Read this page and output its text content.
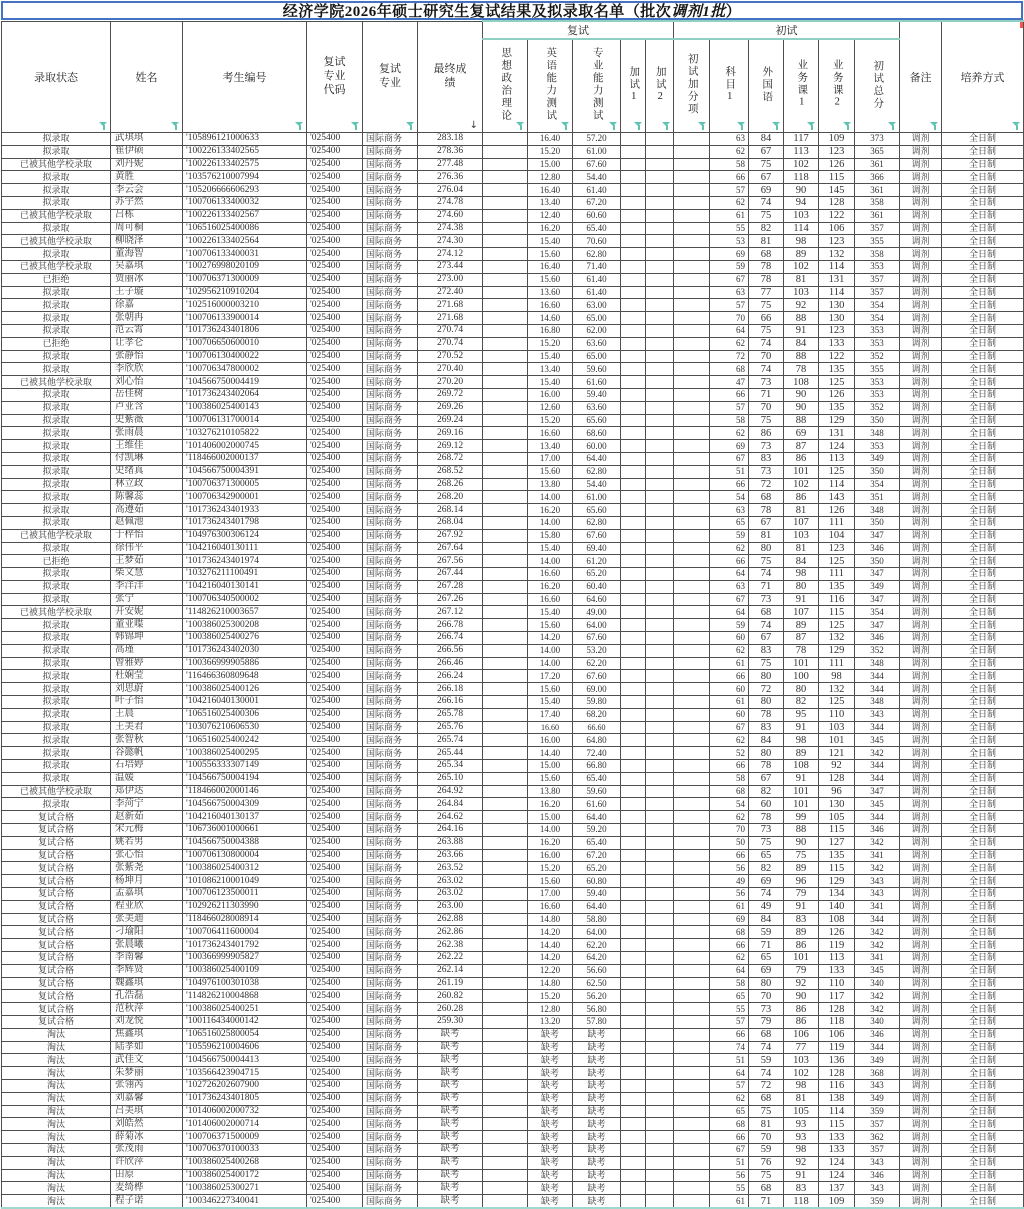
经济学院2026年硕士研究生复试结果及拟录取名单 （批次 调剂1批 ）
录取状态	姓名	考生编号	复试专业代码	复试专业	最终成绩
↓	复试					初试						备注	培养方式

						思想政治理论	英语能力测试	专业能力测试	加试1	加试2	初试加分项	科目1	外国语	业务课1	业务课2	初试总分		

拟录取	武琪琪	'105896121000633	'025400	国际商务	283.18		16.40	57.20				63	84	117	109	373	调剂	全日制
拟录取	崔伊硕	'100226133402565	'025400	国际商务	278.36		15.20	61.00				62	67	113	123	365	调剂	全日制
已被其他学校录取	刘丹妮	'100226133402575	'025400	国际商务	277.48		15.00	67.60				58	75	102	126	361	调剂	全日制
拟录取	黄胜	'103576210007994	'025400	国际商务	276.36		12.80	54.40				66	67	118	115	366	调剂	全日制
拟录取	李云会	'105206666606293	'025400	国际商务	276.04		16.40	61.40				57	69	90	145	361	调剂	全日制
拟录取	苏宇然	'100706133400032	'025400	国际商务	274.78		13.40	67.20				62	74	94	128	358	调剂	全日制
已被其他学校录取	吕栋	'100226133402567	'025400	国际商务	274.60		12.40	60.60				61	75	103	122	361	调剂	全日制
拟录取	周可桐	'106516025400086	'025400	国际商务	274.38		16.20	65.40				55	82	114	106	357	调剂	全日制
已被其他学校录取	柳晓泽	'100226133402564	'025400	国际商务	274.30		15.40	70.60				53	81	98	123	355	调剂	全日制
拟录取	董海智	'100706133400031	'025400	国际商务	274.12		15.60	62.80				69	68	89	132	358	调剂	全日制
已被其他学校录取	吴嘉琪	'100276998020109	'025400	国际商务	273.44		16.40	71.40				59	78	102	114	353	调剂	全日制
已拒绝	贾丽冰	'100706371300009	'025400	国际商务	273.00		15.60	61.40				67	78	81	131	357	调剂	全日制
拟录取	王子璇	'102956210910204	'025400	国际商务	272.40		13.60	61.40				63	77	103	114	357	调剂	全日制
拟录取	徐嘉	'102516000003210	'025400	国际商务	271.68		16.60	63.00				57	75	92	130	354	调剂	全日制
拟录取	张朝冉	'100706133900014	'025400	国际商务	271.68		14.60	65.00				70	66	88	130	354	调剂	全日制
拟录取	范云霄	'101736243401806	'025400	国际商务	270.74		16.80	62.00				64	75	91	123	353	调剂	全日制
已拒绝	让孝仑	'100706650600010	'025400	国际商务	270.74		15.20	63.60				62	74	84	133	353	调剂	全日制
拟录取	张静怡	'100706130400022	'025400	国际商务	270.52		15.40	65.00				72	70	88	122	352	调剂	全日制
拟录取	李欣欣	'100706347800002	'025400	国际商务	270.40		13.40	59.60				68	74	78	135	355	调剂	全日制
已被其他学校录取	刘心怡	'104566750004419	'025400	国际商务	270.20		15.40	61.60				47	73	108	125	353	调剂	全日制
拟录取	岳佳树	'101736243402064	'025400	国际商务	269.72		16.00	59.40				66	71	90	126	353	调剂	全日制
拟录取	卢亚含	'100386025400143	'025400	国际商务	269.26		12.60	63.60				57	70	90	135	352	调剂	全日制
拟录取	史紫薇	'100706131700014	'025400	国际商务	269.24		15.20	65.60				58	75	88	129	350	调剂	全日制
拟录取	张雨晨	'103276210105822	'025400	国际商务	269.16		16.60	68.60				62	86	69	131	348	调剂	全日制
拟录取	王维佳	'101406002000745	'025400	国际商务	269.12		13.40	60.00				69	73	87	124	353	调剂	全日制
拟录取	付凯琳	'118466002000137	'025400	国际商务	268.72		17.00	64.40				67	83	86	113	349	调剂	全日制
拟录取	史绪真	'104566750004391	'025400	国际商务	268.52		15.60	62.80				51	73	101	125	350	调剂	全日制
拟录取	林立政	'100706371300005	'025400	国际商务	268.26		13.80	54.40				66	72	102	114	354	调剂	全日制
拟录取	陈馨蕊	'100706342900001	'025400	国际商务	268.20		14.00	61.00				54	68	86	143	351	调剂	全日制
拟录取	高遵茹	'101736243401933	'025400	国际商务	268.14		16.20	65.60				63	78	81	126	348	调剂	全日制
拟录取	赵佩池	'101736243401798	'025400	国际商务	268.04		14.00	62.80				65	67	107	111	350	调剂	全日制
已被其他学校录取	于梓怡	'104976300306124	'025400	国际商务	267.92		15.80	67.60				59	81	103	104	347	调剂	全日制
拟录取	徐伟平	'104216040130111	'025400	国际商务	267.64		15.40	69.40				62	80	81	123	346	调剂	全日制
已拒绝	王梦茹	'101736243401974	'025400	国际商务	267.56		14.00	61.20				66	75	84	125	350	调剂	全日制
拟录取	柴文慧	'103276211100491	'025400	国际商务	267.44		16.60	65.20				64	74	98	111	347	调剂	全日制
拟录取	李洋洋	'104216040130141	'025400	国际商务	267.28		16.20	60.40				63	71	80	135	349	调剂	全日制
拟录取	张宁	'100706340500002	'025400	国际商务	267.26		16.60	64.60				67	73	91	116	347	调剂	全日制
已被其他学校录取	开安妮	'114826210003657	'025400	国际商务	267.12		15.40	49.00				64	68	107	115	354	调剂	全日制
拟录取	董亚喋	'100386025300208	'025400	国际商务	266.78		15.60	64.00				59	74	89	125	347	调剂	全日制
拟录取	韩锦坤	'100386025400276	'025400	国际商务	266.74		14.20	67.60				60	67	87	132	346	调剂	全日制
拟录取	高瑾	'101736243402030	'025400	国际商务	266.56		14.00	53.20				62	83	78	129	352	调剂	全日制
拟录取	曾雅婷	'100366999905886	'025400	国际商务	266.46		14.00	62.20				61	75	101	111	348	调剂	全日制
拟录取	杜娴莹	'116466360809648	'025400	国际商务	266.24		17.20	67.60				66	80	100	98	344	调剂	全日制
拟录取	刘思蔚	'100386025400126	'025400	国际商务	266.18		15.60	69.00				60	72	80	132	344	调剂	全日制
拟录取	叶子怡	'104216040130001	'025400	国际商务	266.16		15.40	59.80				61	80	82	125	348	调剂	全日制
拟录取	王晨	'106516025400306	'025400	国际商务	265.78		17.40	68.20				60	78	95	110	343	调剂	全日制
拟录取	王美君	'103076210606530	'025400	国际商务	265.76		16.60	66.60				67	83	91	103	344	调剂	全日制
拟录取	张智秋	'106516025400242	'025400	国际商务	265.74		16.00	64.80				62	84	98	101	345	调剂	全日制
拟录取	谷懿帆	'100386025400295	'025400	国际商务	265.44		14.40	72.40				52	80	89	121	342	调剂	全日制
拟录取	石培婷	'100556333307149	'025400	国际商务	265.34		15.00	66.80				66	78	108	92	344	调剂	全日制
拟录取	温媛	'104566750004194	'025400	国际商务	265.10		15.60	65.40				58	67	91	128	344	调剂	全日制
已被其他学校录取	郑伊达	'118466002000146	'025400	国际商务	264.92		13.80	59.60				68	82	101	96	347	调剂	全日制
拟录取	李菏宁	'104566750004309	'025400	国际商务	264.84		16.20	61.60				54	60	101	130	345	调剂	全日制
复试合格	赵新茹	'104216040130137	'025400	国际商务	264.62		15.00	64.40				62	78	99	105	344	调剂	全日制
复试合格	宋元梅	'106736001000661	'025400	国际商务	264.16		14.00	59.20				70	73	88	115	346	调剂	全日制
复试合格	姚若男	'104566750004388	'025400	国际商务	263.88		16.20	65.40				50	75	90	127	342	调剂	全日制
复试合格	张心怡	'100706130800004	'025400	国际商务	263.66		16.00	67.20				66	65	75	135	341	调剂	全日制
复试合格	张紫尧	'100386025400312	'025400	国际商务	263.52		15.20	65.20				56	82	89	115	342	调剂	全日制
复试合格	杨坤月	'101086210001049	'025400	国际商务	263.02		15.60	60.80				49	69	96	129	343	调剂	全日制
复试合格	孟嘉琪	'100706123500011	'025400	国际商务	263.02		17.00	59.40				56	74	79	134	343	调剂	全日制
复试合格	程亚欣	'102926211303990	'025400	国际商务	263.00		16.60	64.40				61	49	91	140	341	调剂	全日制
复试合格	张美迪	'118466028008914	'025400	国际商务	262.88		14.80	58.80				69	84	83	108	344	调剂	全日制
复试合格	刁瑜阳	'100706411600004	'025400	国际商务	262.86		14.20	64.00				68	59	89	126	342	调剂	全日制
复试合格	张晨曦	'101736243401792	'025400	国际商务	262.38		14.40	62.20				66	71	86	119	342	调剂	全日制
复试合格	李南馨	'100366999905827	'025400	国际商务	262.22		14.20	64.20				62	65	101	113	341	调剂	全日制
复试合格	李辉贤	'100386025400109	'025400	国际商务	262.14		12.20	56.60				64	69	79	133	345	调剂	全日制
复试合格	魏鑫琪	'104976100301038	'025400	国际商务	261.19		14.80	62.50				58	80	92	110	340	调剂	全日制
复试合格	孔浩磊	'114826210004868	'025400	国际商务	260.82		15.20	56.20				65	70	90	117	342	调剂	全日制
复试合格	范秋萍	'100386025400251	'025400	国际商务	260.28		12.80	56.80				55	73	86	128	342	调剂	全日制
复试合格	刘龙悦	'100116434000142	'025400	国际商务	259.30		13.20	57.80				57	79	86	118	340	调剂	全日制
淘汰	焦鑫琪	'106516025800054	'025400	国际商务	缺考		缺考	缺考				66	68	106	106	346	调剂	全日制
淘汰	陆孝如	'105596210004606	'025400	国际商务	缺考		缺考	缺考				74	74	77	119	344	调剂	全日制
淘汰	武佳文	'104566750004413	'025400	国际商务	缺考		缺考	缺考				51	59	103	136	349	调剂	全日制
淘汰	朱梦丽	'103566423904715	'025400	国际商务	缺考		缺考	缺考				64	74	102	128	368	调剂	全日制
淘汰	张翎芮	'102726202607900	'025400	国际商务	缺考		缺考	缺考				57	72	98	116	343	调剂	全日制
淘汰	刘嘉馨	'101736243401805	'025400	国际商务	缺考		缺考	缺考				62	68	81	138	349	调剂	全日制
淘汰	吕美琪	'101406002000732	'025400	国际商务	缺考		缺考	缺考				65	75	105	114	359	调剂	全日制
淘汰	刘皓然	'101406002000714	'025400	国际商务	缺考		缺考	缺考				68	81	93	115	357	调剂	全日制
淘汰	薛菊冰	'100706371500009	'025400	国际商务	缺考		缺考	缺考				66	70	93	133	362	调剂	全日制
淘汰	张茂雨	'100706370100033	'025400	国际商务	缺考		缺考	缺考				67	59	98	133	357	调剂	全日制
淘汰	许欣萍	'100386025400268	'025400	国际商务	缺考		缺考	缺考				51	76	92	124	343	调剂	全日制
淘汰	田原	'100386025400172	'025400	国际商务	缺考		缺考	缺考				56	75	91	124	346	调剂	全日制
淘汰	麦绮桦	'100386025300271	'025400	国际商务	缺考		缺考	缺考				55	68	83	137	343	调剂	全日制
淘汰	程子诺	'100346227340041	'025400	国际商务	缺考		缺考	缺考				61	71	118	109	359	调剂	全日制
